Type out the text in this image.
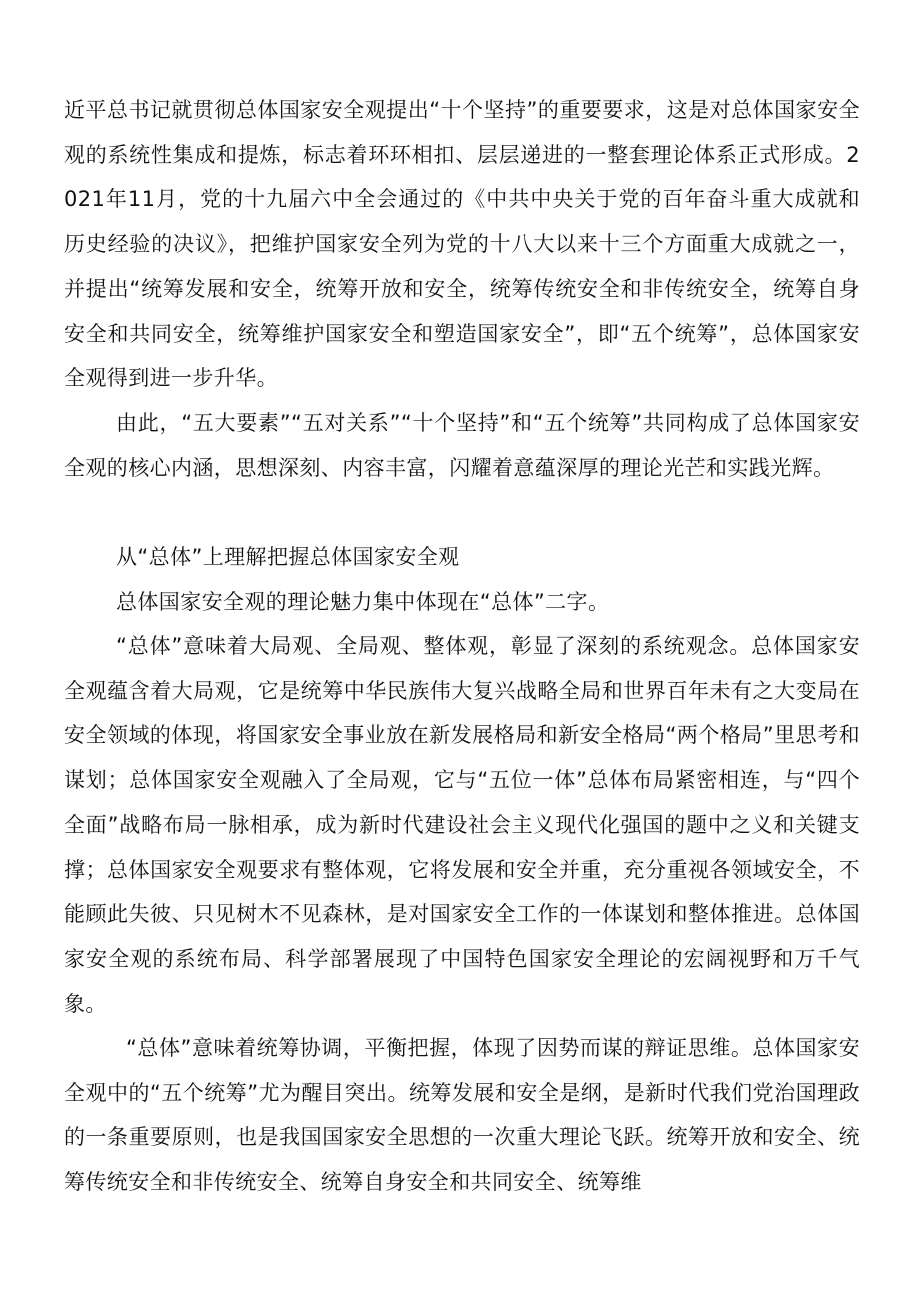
近平总书记就贯彻总体国家安全观提出“十个坚持”的重要要求，这是对总体国家安全观的系统性集成和提炼，标志着环环相扣、层层递进的一整套理论体系正式形成。2021年11月，党的十九届六中全会通过的《中共中央关于党的百年奋斗重大成就和历史经验的决议》，把维护国家安全列为党的十八大以来十三个方面重大成就之一，并提出“统筹发展和安全，统筹开放和安全，统筹传统安全和非传统安全，统筹自身安全和共同安全，统筹维护国家安全和塑造国家安全”，即“五个统筹”，总体国家安全观得到进一步升华。

由此，“五大要素”“五对关系”“十个坚持”和“五个统筹”共同构成了总体国家安全观的核心内涵，思想深刻、内容丰富，闪耀着意蕴深厚的理论光芒和实践光辉。

从“总体”上理解把握总体国家安全观

总体国家安全观的理论魅力集中体现在“总体”二字。

“总体”意味着大局观、全局观、整体观，彰显了深刻的系统观念。总体国家安全观蕴含着大局观，它是统筹中华民族伟大复兴战略全局和世界百年未有之大变局在安全领域的体现，将国家安全事业放在新发展格局和新安全格局“两个格局”里思考和谋划；总体国家安全观融入了全局观，它与“五位一体”总体布局紧密相连，与“四个全面”战略布局一脉相承，成为新时代建设社会主义现代化强国的题中之义和关键支撑；总体国家安全观要求有整体观，它将发展和安全并重，充分重视各领域安全，不能顾此失彼、只见树木不见森林，是对国家安全工作的一体谋划和整体推进。总体国家安全观的系统布局、科学部署展现了中国特色国家安全理论的宏阔视野和万千气象。

“总体”意味着统筹协调，平衡把握，体现了因势而谋的辩证思维。总体国家安全观中的“五个统筹”尤为醒目突出。统筹发展和安全是纲，是新时代我们党治国理政的一条重要原则，也是我国国家安全思想的一次重大理论飞跃。统筹开放和安全、统筹传统安全和非传统安全、统筹自身安全和共同安全、统筹维
